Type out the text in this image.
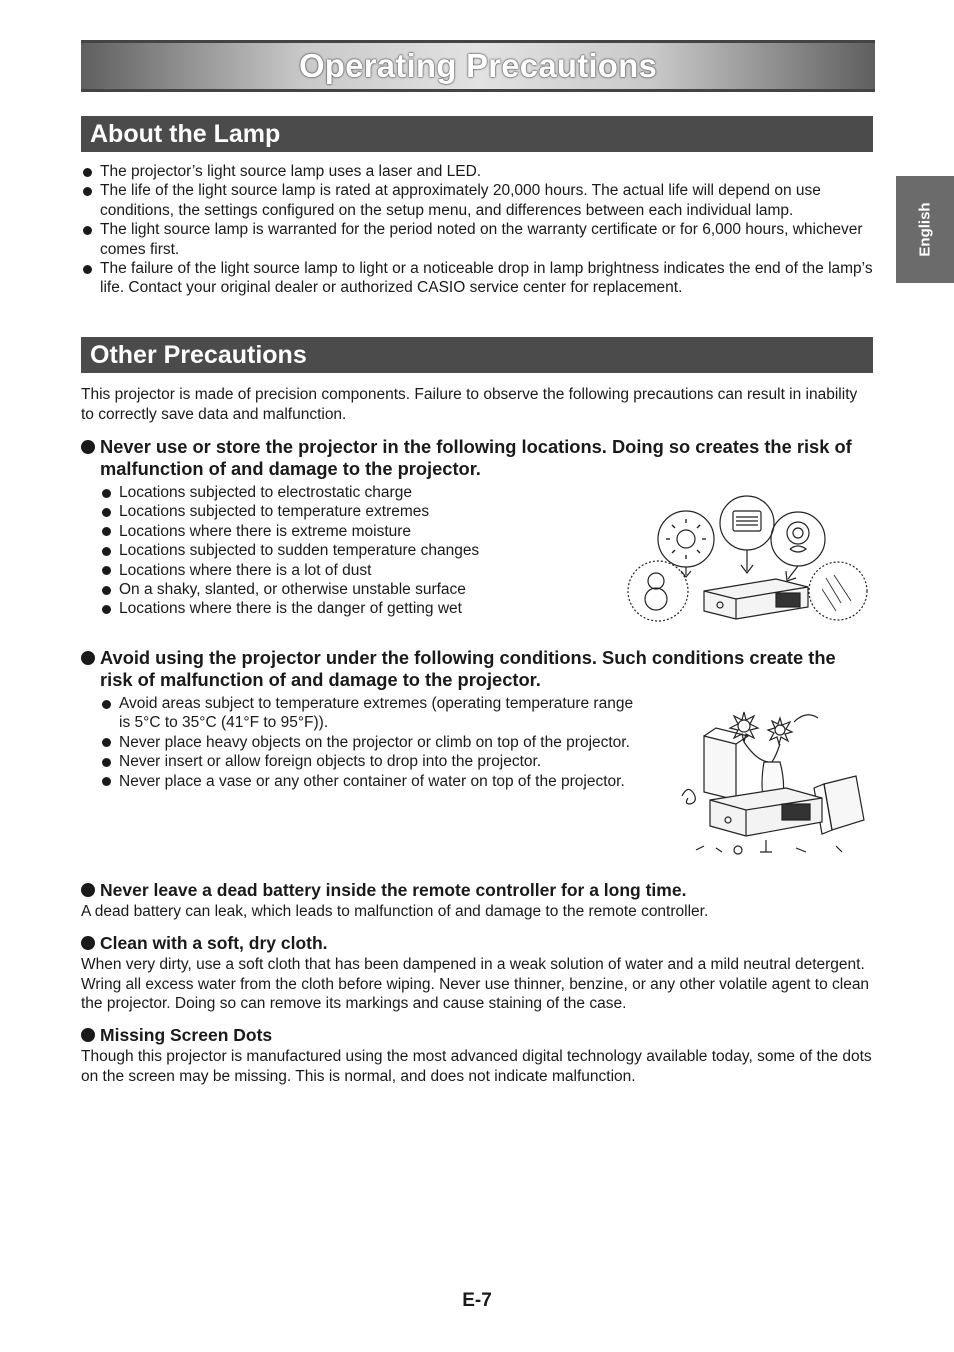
Operating Precautions
English
About the Lamp
The projector’s light source lamp uses a laser and LED.
The life of the light source lamp is rated at approximately 20,000 hours. The actual life will depend on use conditions, the settings configured on the setup menu, and differences between each individual lamp.
The light source lamp is warranted for the period noted on the warranty certificate or for 6,000 hours, whichever comes first.
The failure of the light source lamp to light or a noticeable drop in lamp brightness indicates the end of the lamp’s life. Contact your original dealer or authorized CASIO service center for replacement.
Other Precautions
This projector is made of precision components. Failure to observe the following precautions can result in inability to correctly save data and malfunction.
Never use or store the projector in the following locations. Doing so creates the risk of malfunction of and damage to the projector.
Locations subjected to electrostatic charge
Locations subjected to temperature extremes
Locations where there is extreme moisture
Locations subjected to sudden temperature changes
Locations where there is a lot of dust
On a shaky, slanted, or otherwise unstable surface
Locations where there is the danger of getting wet
Avoid using the projector under the following conditions. Such conditions create the risk of malfunction of and damage to the projector.
Avoid areas subject to temperature extremes (operating temperature range is 5°C to 35°C (41°F to 95°F)).
Never place heavy objects on the projector or climb on top of the projector.
Never insert or allow foreign objects to drop into the projector.
Never place a vase or any other container of water on top of the projector.
Never leave a dead battery inside the remote controller for a long time.
A dead battery can leak, which leads to malfunction of and damage to the remote controller.
Clean with a soft, dry cloth.
When very dirty, use a soft cloth that has been dampened in a weak solution of water and a mild neutral detergent. Wring all excess water from the cloth before wiping. Never use thinner, benzine, or any other volatile agent to clean the projector. Doing so can remove its markings and cause staining of the case.
Missing Screen Dots
Though this projector is manufactured using the most advanced digital technology available today, some of the dots on the screen may be missing. This is normal, and does not indicate malfunction.
E-7
